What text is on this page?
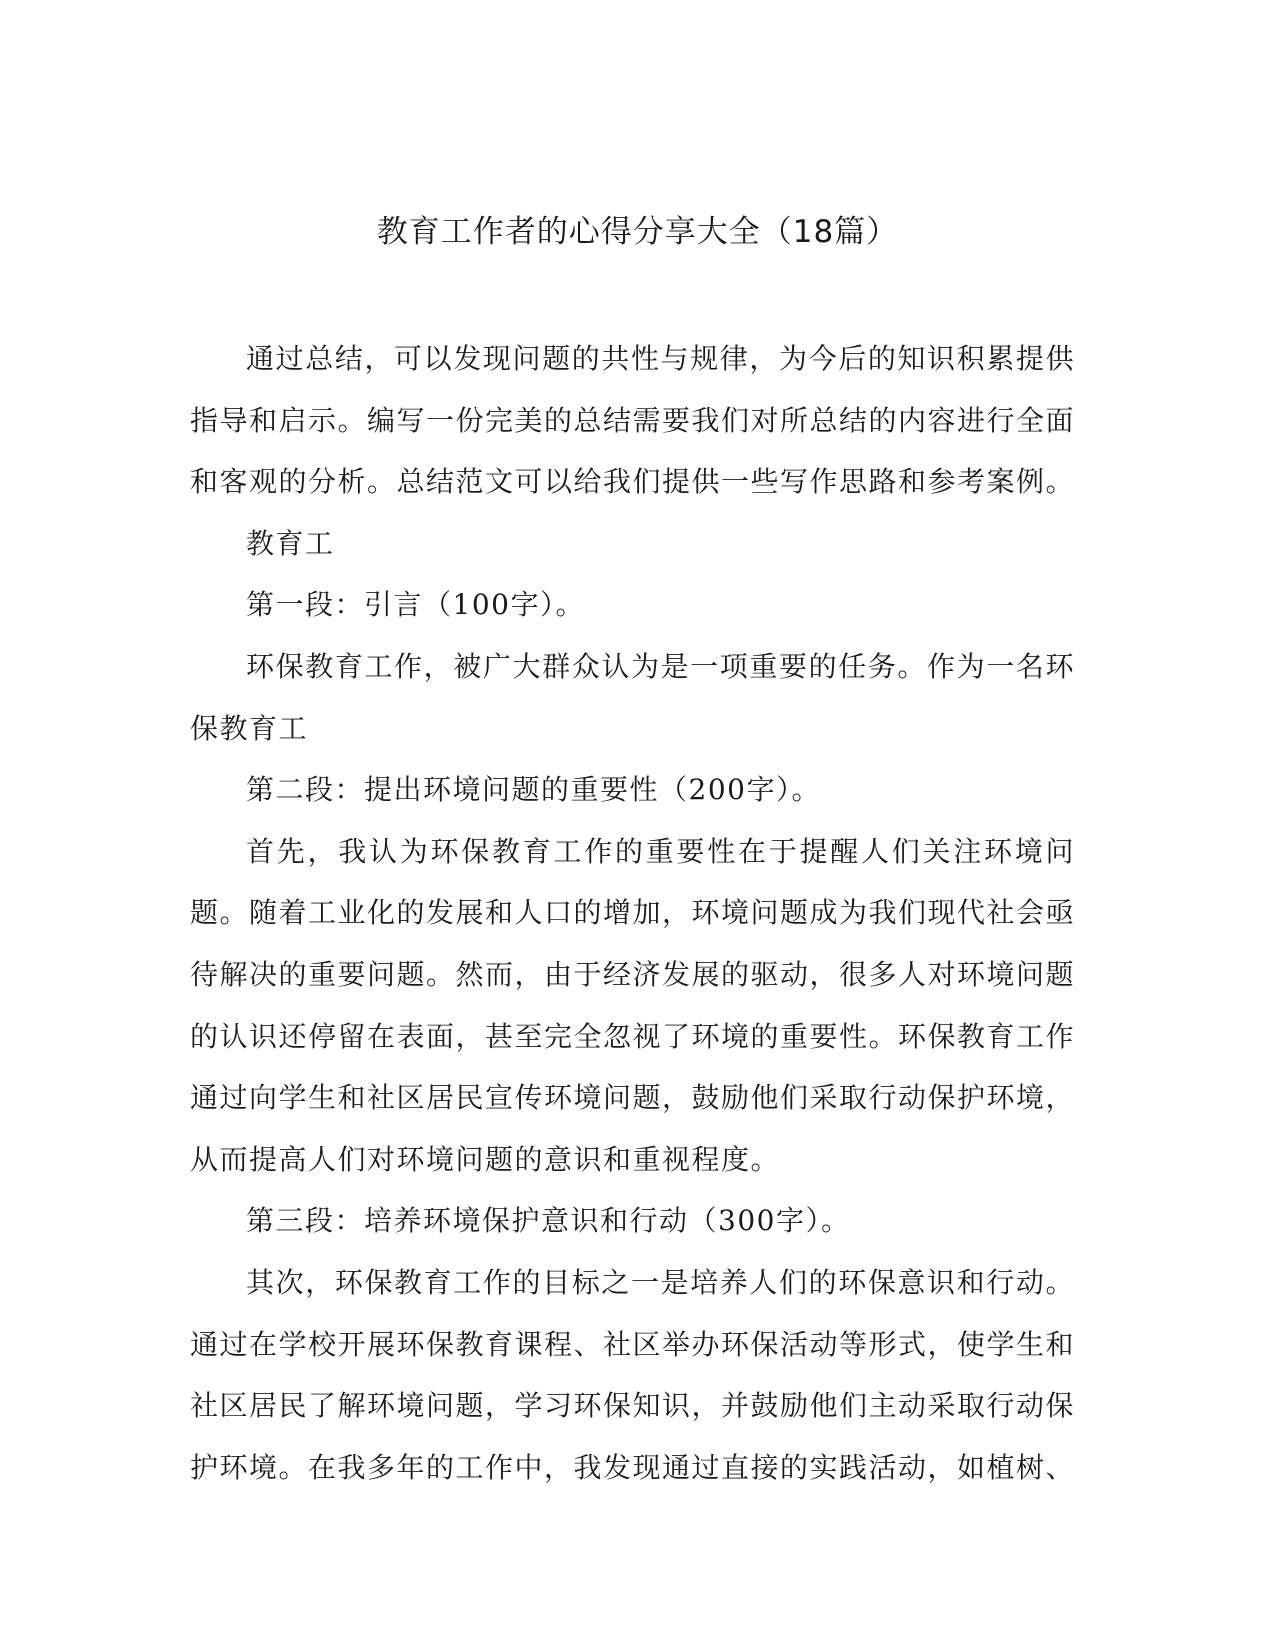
教育工作者的心得分享大全（18篇）

通过总结，可以发现问题的共性与规律，为今后的知识积累提供指导和启示。编写一份完美的总结需要我们对所总结的内容进行全面和客观的分析。总结范文可以给我们提供一些写作思路和参考案例。

教育工

第一段：引言（100字）。

环保教育工作，被广大群众认为是一项重要的任务。作为一名环保教育工

第二段：提出环境问题的重要性（200字）。

首先，我认为环保教育工作的重要性在于提醒人们关注环境问题。随着工业化的发展和人口的增加，环境问题成为我们现代社会亟待解决的重要问题。然而，由于经济发展的驱动，很多人对环境问题的认识还停留在表面，甚至完全忽视了环境的重要性。环保教育工作通过向学生和社区居民宣传环境问题，鼓励他们采取行动保护环境，从而提高人们对环境问题的意识和重视程度。

第三段：培养环境保护意识和行动（300字）。

其次，环保教育工作的目标之一是培养人们的环保意识和行动。通过在学校开展环保教育课程、社区举办环保活动等形式，使学生和社区居民了解环境问题，学习环保知识，并鼓励他们主动采取行动保护环境。在我多年的工作中，我发现通过直接的实践活动，如植树、
